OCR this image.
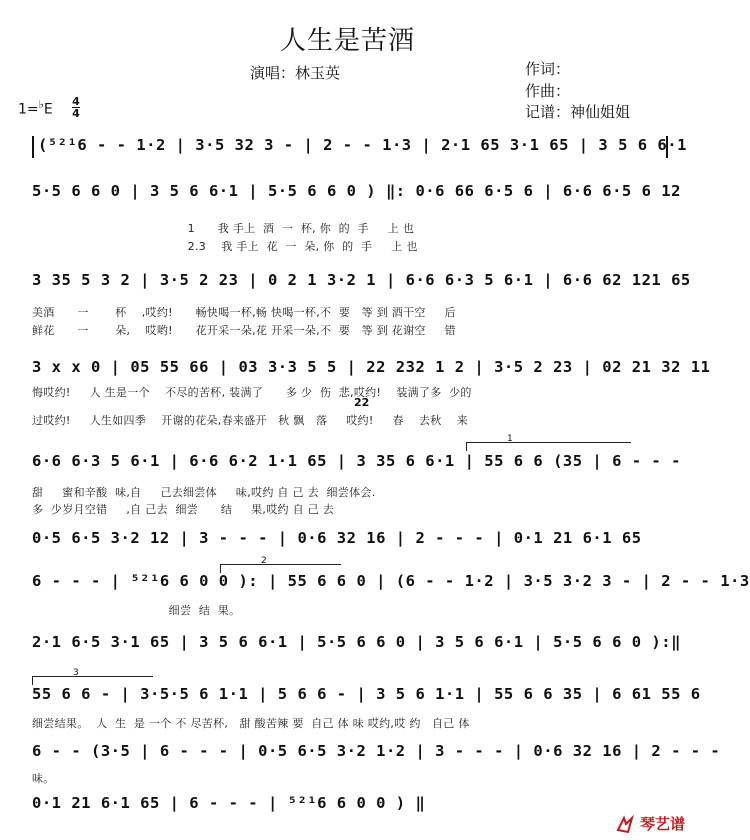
人生是苦酒
演唱：林玉英	作词：
作曲：
记谱：神仙姐姐
1=♭E
4
4
(⁵²¹6 - - 1·2 | 3·5 32 3 - | 2 - - 1·3 | 2·1 65 3·1 65 | 3 5 6 6·1
5·5 6 6 0 | 3 5 6 6·1 | 5·5 6 6 0 ) ‖: 0·6 66 6·5 6 | 6·6 6·5 6 12
1      我 手上  酒  一  杯, 你  的  手     上 也
2.3    我 手上  花  一  朵, 你  的  手     上 也
3 35 5 3 2 | 3·5 2 23 | 0 2 1 3·2 1 | 6·6 6·3 5 6·1 | 6·6 62 121 65
美酒      一       杯    ,哎约!      畅快喝一杯,畅 快喝一杯,不  要   等 到 酒干空     后
鲜花      一       朵,    哎哟!      花开采一朵,花 开采一朵,不  要   等 到 花谢空     错
3 x x 0 | 05 55 66 | 03 3·3 5 5 | 22 232 1 2 | 3·5 2 23 | 02 21 32 11
悔哎约!     人 生是一个    不尽的苦杯, 装满了      多 少  伤  悲,哎约!    装满了多  少的
22
过哎约!     人生如四季    开谢的花朵,春来盛开   秋 飘   落     哎约!     春    去秋    来
1
6·6 6·3 5 6·1 | 6·6 6·2 1·1 65 | 3 35 6 6·1 | 55 6 6 (35 | 6 - - -
甜     蜜和辛酸  味,自     己去细尝体     味,哎约 自 己 去  细尝体会.
多  少岁月空错     ,自 己去  细尝      结     果,哎约 自 己 去
0·5 6·5 3·2 12 | 3 - - - | 0·6 32 16 | 2 - - - | 0·1 21 6·1 65
2
6 - - - | ⁵²¹6 6 0 0 ): | 55 6 6 0 | (6 - - 1·2 | 3·5 3·2 3 - | 2 - - 1·3
细尝  结  果。
2·1 6·5 3·1 65 | 3 5 6 6·1 | 5·5 6 6 0 | 3 5 6 6·1 | 5·5 6 6 0 ):‖
3
55 6 6 - | 3·5·5 6 1·1 | 5 6 6 - | 3 5 6 1·1 | 55 6 6 35 | 6 61 55 6
细尝结果。  人  生  是 一个 不 尽苦杯,   甜 酸苦辣 要  自己 体 味 哎约,哎 约   自己 体
6 - - (3·5 | 6 - - - | 0·5 6·5 3·2 1·2 | 3 - - - | 0·6 32 16 | 2 - - -
味。
0·1 21 6·1 65 | 6 - - - | ⁵²¹6 6 0 0 ) ‖
琴艺谱
